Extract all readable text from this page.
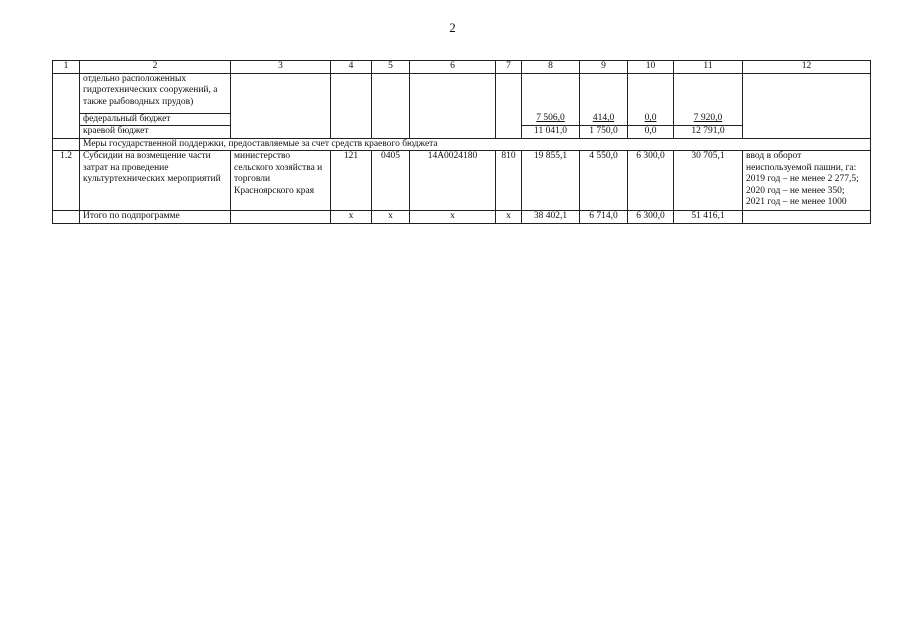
2
1	2	3	4	5	6	7	8	9	10	11	12
	отдельно расположенных гидротехнических сооружений, а также рыбоводных прудов)										
	федеральный бюджет						7 506,0	414,0	0,0	7 920,0	
	краевой бюджет						11 041,0	1 750,0	0,0	12 791,0	
	Меры государственной поддержки, предоставляемые за счет средств краевого бюджета										
1.2	Субсидии на возмещение части затрат на проведение культуртехнических мероприятий	министерство сельского хозяйства и торговли Красноярского края	121	0405	14А0024180	810	19 855,1	4 550,0	6 300,0	30 705,1	ввод в оборот
неиспользуемой пашни, га:
2019 год – не менее 2 277,5;
2020 год – не менее 350;
2021 год – не менее 1000

	Итого по подпрограмме		х	х	х	х	38 402,1	6 714,0	6 300,0	51 416,1	
